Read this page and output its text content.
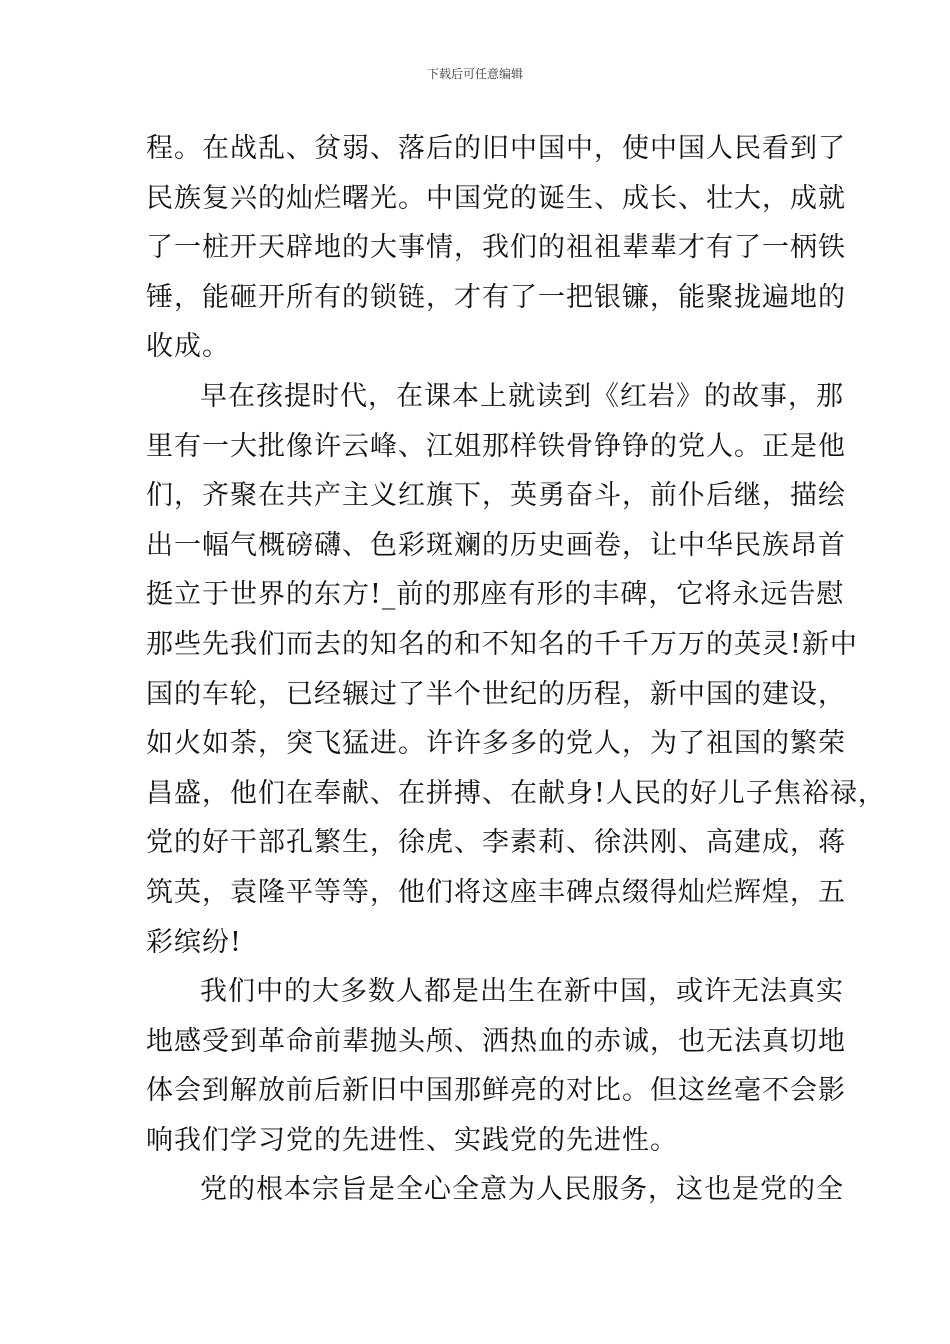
下载后可任意编辑
程。在战乱、贫弱、落后的旧中国中，使中国人民看到了
民族复兴的灿烂曙光。中国党的诞生、成长、壮大，成就
了一桩开天辟地的大事情，我们的祖祖辈辈才有了一柄铁
锤，能砸开所有的锁链，才有了一把银镰，能聚拢遍地的
收成。
早在孩提时代，在课本上就读到《红岩》的故事，那
里有一大批像许云峰、江姐那样铁骨铮铮的党人。正是他
们，齐聚在共产主义红旗下，英勇奋斗，前仆后继，描绘
出一幅气概磅礴、色彩斑斓的历史画卷，让中华民族昂首
挺立于世界的东方!_前的那座有形的丰碑，它将永远告慰
那些先我们而去的知名的和不知名的千千万万的英灵!新中
国的车轮，已经辗过了半个世纪的历程，新中国的建设，
如火如荼，突飞猛进。许许多多的党人，为了祖国的繁荣
昌盛，他们在奉献、在拼搏、在献身!人民的好儿子焦裕禄，
党的好干部孔繁生，徐虎、李素莉、徐洪刚、高建成，蒋
筑英，袁隆平等等，他们将这座丰碑点缀得灿烂辉煌，五
彩缤纷!
我们中的大多数人都是出生在新中国，或许无法真实
地感受到革命前辈抛头颅、洒热血的赤诚，也无法真切地
体会到解放前后新旧中国那鲜亮的对比。但这丝毫不会影
响我们学习党的先进性、实践党的先进性。
党的根本宗旨是全心全意为人民服务，这也是党的全
